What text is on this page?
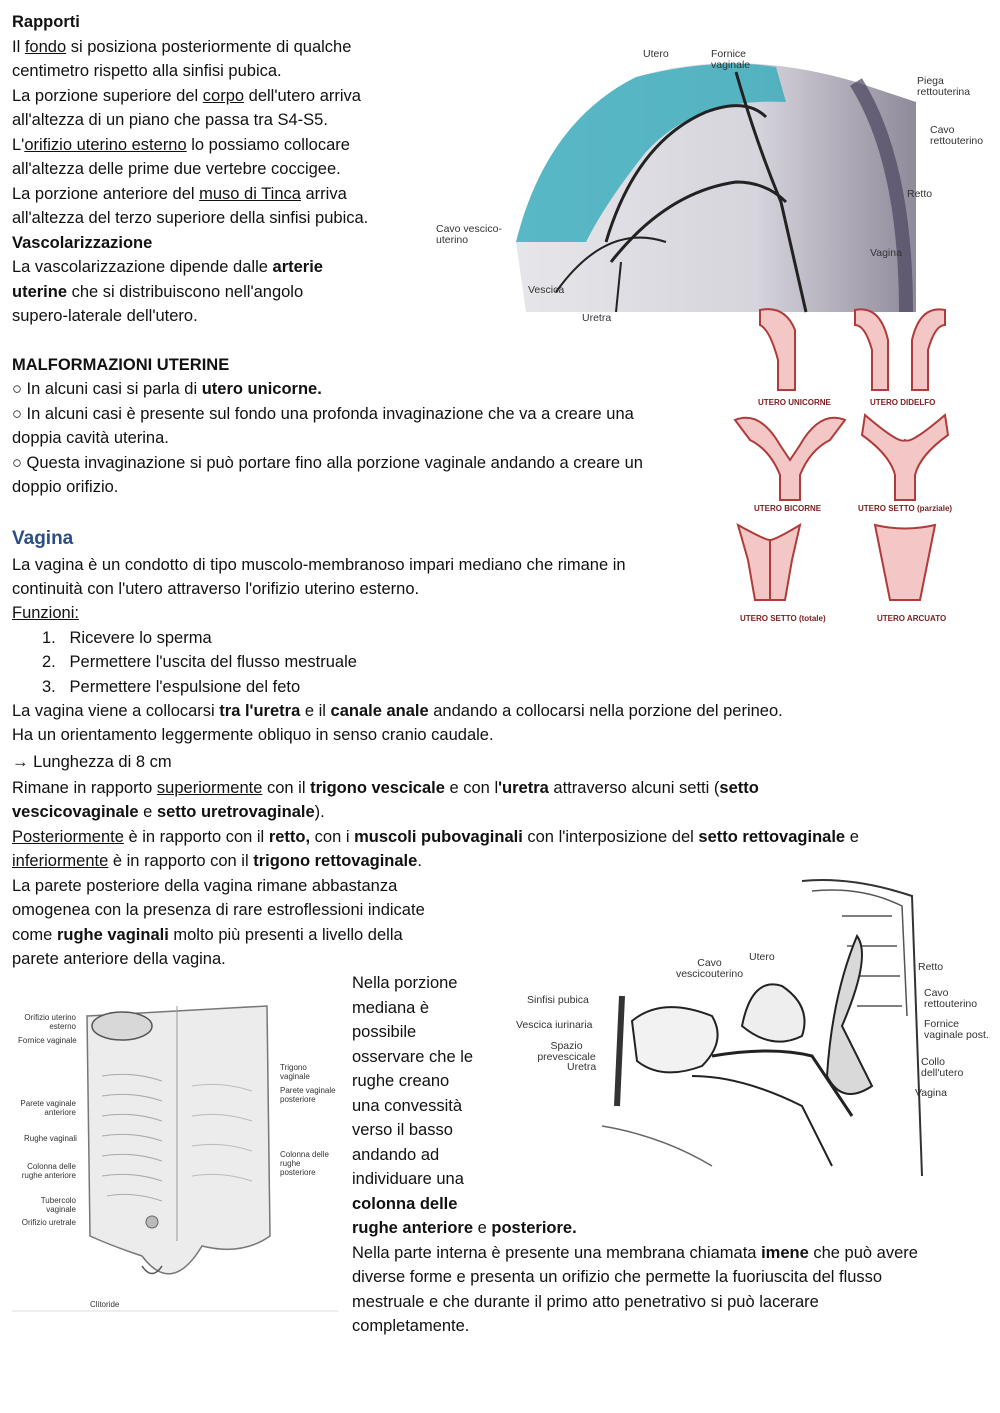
Rapporti
Il fondo si posiziona posteriormente di qualche
centimetro rispetto alla sinfisi pubica.
La porzione superiore del corpo dell'utero arriva
all'altezza di un piano che passa tra S4-S5.
L'orifizio uterino esterno lo possiamo collocare
all'altezza delle prime due vertebre coccigee.
La porzione anteriore del muso di Tinca arriva
all'altezza del terzo superiore della sinfisi pubica.
Vascolarizzazione
La vascolarizzazione dipende dalle arterie
uterine che si distribuiscono nell'angolo
supero-laterale dell'utero.
MALFORMAZIONI UTERINE
○ In alcuni casi si parla di utero unicorne.
○ In alcuni casi è presente sul fondo una profonda invaginazione che va a creare una
doppia cavità uterina.
○ Questa invaginazione si può portare fino alla porzione vaginale andando a creare un
doppio orifizio.
Vagina
La vagina è un condotto di tipo muscolo-membranoso impari mediano che rimane in
continuità con l'utero attraverso l'orifizio uterino esterno.
Funzioni:
1.   Ricevere lo sperma
2.   Permettere l'uscita del flusso mestruale
3.   Permettere l'espulsione del feto
La vagina viene a collocarsi tra l'uretra e il canale anale andando a collocarsi nella porzione del perineo.
Ha un orientamento leggermente obliquo in senso cranio caudale.
→ Lunghezza di 8 cm
Rimane in rapporto superiormente con il trigono vescicale e con l'uretra attraverso alcuni setti (setto
vescicovaginale e setto uretrovaginale).
Posteriormente è in rapporto con il retto, con i muscoli pubovaginali con l'interposizione del setto rettovaginale e
inferiormente è in rapporto con il trigono rettovaginale.
La parete posteriore della vagina rimane abbastanza
omogenea con la presenza di rare estroflessioni indicate
come rughe vaginali molto più presenti a livello della
parete anteriore della vagina.
Nella porzione
mediana è
possibile
osservare che le
rughe creano
una convessità
verso il basso
andando ad
individuare una
colonna delle
rughe anteriore e posteriore.
Nella parte interna è presente una membrana chiamata imene che può avere
diverse forme e presenta un orifizio che permette la fuoriuscita del flusso
mestruale e che durante il primo atto penetrativo si può lacerare
completamente.
Utero	Fornice vaginale
Piega rettouterina
Cavo rettouterino
Retto
Cavo vescico-uterino
Vagina
Vescica
Uretra
UTERO UNICORNE	UTERO DIDELFO
UTERO BICORNE	UTERO SETTO (parziale)
UTERO SETTO (totale)	UTERO ARCUATO
Cavo vescicouterino
Utero
Retto
Sinfisi pubica
Cavo rettouterino
Vescica iurinaria	Fornice vaginale post.
Spazio prevescicale
Uretra	Collo dell'utero
Vagina
Orifizio uterino esterno
Fornice vaginale
Parete vaginale anteriore
Rughe vaginali
Colonna delle rughe anteriore
Tubercolo vaginale
Orifizio uretrale
Clitoride
Trigono vaginale
Parete vaginale posteriore
Colonna delle rughe posteriore
